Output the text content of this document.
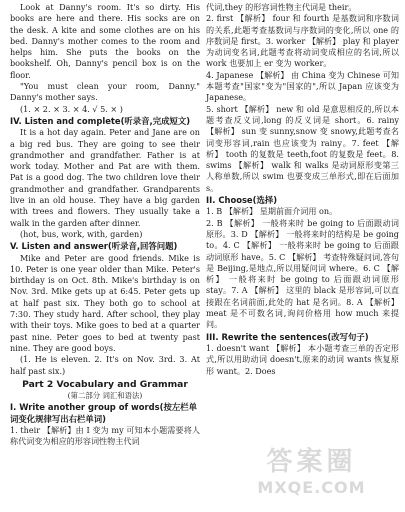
Look at Danny's room. It's so dirty. His books are here and there. His socks are on the desk. A kite and some clothes are on his bed. Danny's mother comes to the room and helps him. She puts the books on the bookshelf. Oh, Danny's pencil box is on the floor.

"You must clean your room, Danny." Danny's mother says.

(1. × 2. × 3. × 4. √ 5. × )

IV. Listen and complete(听录音,完成短文)

It is a hot day again. Peter and Jane are on a big red bus. They are going to see their grandmother and grandfather. Father is at work today. Mother and Pat are with them. Pat is a good dog. The two children love their grandmother and grandfather. Grandparents live in an old house. They have a big garden with trees and flowers. They usually take a walk in the garden after dinner.

(hot, bus, work, with, garden)

V. Listen and answer(听录音,回答问题)

Mike and Peter are good friends. Mike is 10. Peter is one year older than Mike. Peter's birthday is on Oct. 8th. Mike's birthday is on Nov. 3rd. Mike gets up at 6:45. Peter gets up at half past six. They both go to school at 7:30. They study hard. After school, they play with their toys. Mike goes to bed at a quarter past nine. Peter goes to bed at twenty past nine. They are good boys.

(1. He is eleven. 2. It's on Nov. 3rd. 3. At half past six.)

Part 2 Vocabulary and Grammar

(第二部分 词汇和语法)

I. Write another group of words(按左栏单词变化规律写出右栏单词)

1. their 【解析】由 I 变为 my 可知本小题需要将人称代词变为相应的形容词性物主代词

代词,they 的形容词性物主代词是 their。

2. first 【解析】 four 和 fourth 是基数词和序数词的关系,此题考查基数词与序数词的变化,所以 one 的序数词是 first。3. worker 【解析】 play 和 player 为动词变名词,此题考查将动词变成相应的名词,所以 work 也要加上 er 变为 worker。

4. Japanese 【解析】 由 China 变为 Chinese 可知本题考查"国家"变为"国家的",所以 Japan 应该变为 Japanese。

5. short 【解析】 new 和 old 是意思相反的,所以本题考查反义词,long 的反义词是 short。6. rainy 【解析】 sun 变 sunny,snow 变 snowy,此题考查名词变形容词,rain 也应该变为 rainy。7. feet 【解析】 tooth 的复数是 teeth,foot 的复数是 feet。8. swims 【解析】 walk 和 walks 是动词原形变第三人称单数,所以 swim 也要变成三单形式,即在后面加 s。

II. Choose(选择)

1. B 【解析】 星期前面介词用 on。

2. B 【解析】 一般将来时 be going to 后面跟动词原形。3. D 【解析】 一般将来时的结构是 be going to。4. C 【解析】 一般将来时 be going to 后面跟动词原形 have。5. C 【解析】 考查特殊疑问词,答句是 Beijing,是地点,所以用疑问词 where。6. C 【解析】 一般将来时 be going to 后面跟动词原形 stay。7. A 【解析】 这里的 black 是形容词,可以直接跟在名词前面,此处的 hat 是名词。8. A 【解析】 meat 是不可数名词,询问价格用 how much 来提问。

III. Rewrite the sentences(改写句子)

1. doesn't want 【解析】 本小题考查三单的否定形式,所以用助动词 doesn't,原来的动词 wants 恢复原形 want。2. Does

答案圈
MXQE.COM
